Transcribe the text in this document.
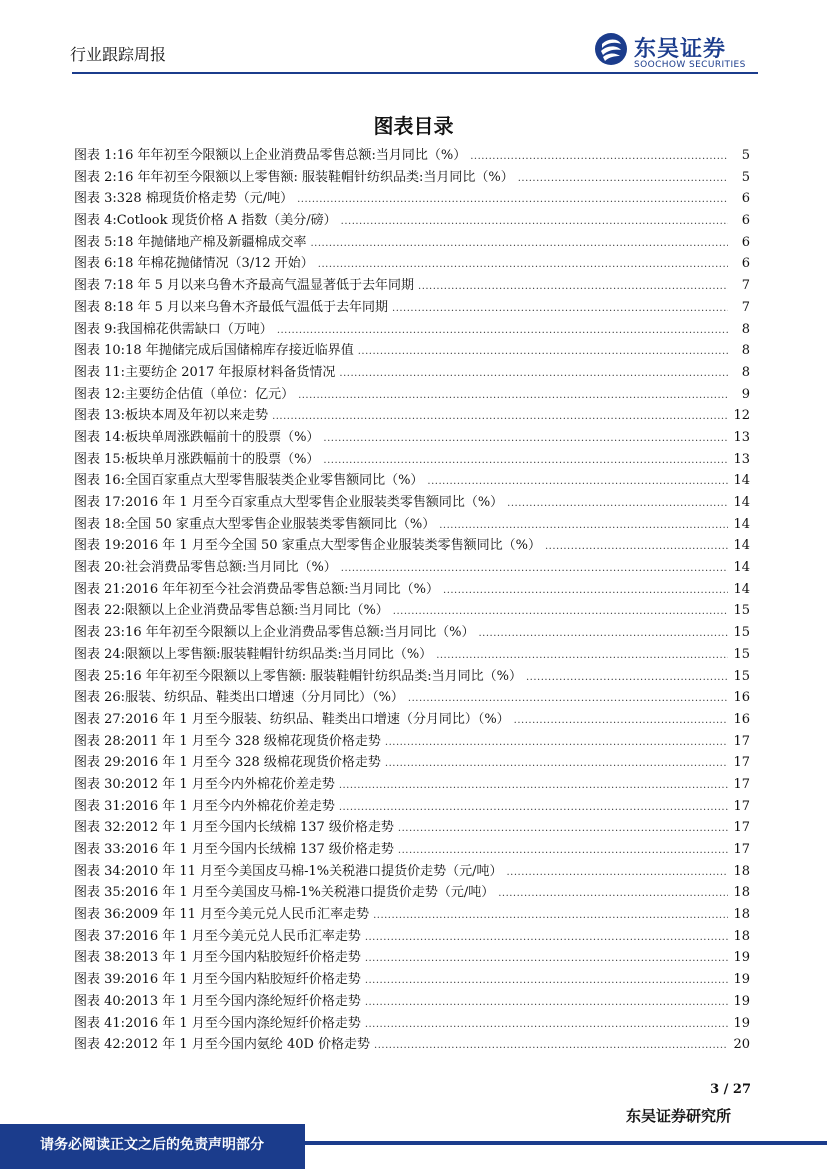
行业跟踪周报	东吴证券
SOOCHOW SECURITIES
图表目录
图表 1: 16 年年初至今限额以上企业消费品零售总额:当月同比（%） .....	5
图表 2: 16 年年初至今限额以上零售额: 服装鞋帽针纺织品类:当月同比（%） .....	5
图表 3: 328 棉现货价格走势（元/吨） .....	6
图表 4: Cotlook 现货价格 A 指数（美分/磅） .....	6
图表 5: 18 年抛储地产棉及新疆棉成交率 .....	6
图表 6: 18 年棉花抛储情况（3/12 开始） .....	6
图表 7: 18 年 5 月以来乌鲁木齐最高气温显著低于去年同期 .....	7
图表 8: 18 年 5 月以来乌鲁木齐最低气温低于去年同期 .....	7
图表 9: 我国棉花供需缺口（万吨） .....	8
图表 10: 18 年抛储完成后国储棉库存接近临界值 .....	8
图表 11: 主要纺企 2017 年报原材料备货情况 .....	8
图表 12: 主要纺企估值（单位：亿元） .....	9
图表 13: 板块本周及年初以来走势 .....	12
图表 14: 板块单周涨跌幅前十的股票（%） .....	13
图表 15: 板块单月涨跌幅前十的股票（%） .....	13
图表 16: 全国百家重点大型零售服装类企业零售额同比（%） .....	14
图表 17: 2016 年 1 月至今百家重点大型零售企业服装类零售额同比（%） .....	14
图表 18: 全国 50 家重点大型零售企业服装类零售额同比（%） .....	14
图表 19: 2016 年 1 月至今全国 50 家重点大型零售企业服装类零售额同比（%） .....	14
图表 20: 社会消费品零售总额:当月同比（%） .....	14
图表 21: 2016 年年初至今社会消费品零售总额:当月同比（%） .....	14
图表 22: 限额以上企业消费品零售总额:当月同比（%） .....	15
图表 23: 16 年年初至今限额以上企业消费品零售总额:当月同比（%） .....	15
图表 24: 限额以上零售额:服装鞋帽针纺织品类:当月同比（%） .....	15
图表 25: 16 年年初至今限额以上零售额: 服装鞋帽针纺织品类:当月同比（%） .....	15
图表 26: 服装、纺织品、鞋类出口增速（分月同比）（%） .....	16
图表 27: 2016 年 1 月至今服装、纺织品、鞋类出口增速（分月同比）（%） .....	16
图表 28: 2011 年 1 月至今 328 级棉花现货价格走势 .....	17
图表 29: 2016 年 1 月至今 328 级棉花现货价格走势 .....	17
图表 30: 2012 年 1 月至今内外棉花价差走势 .....	17
图表 31: 2016 年 1 月至今内外棉花价差走势 .....	17
图表 32: 2012 年 1 月至今国内长绒棉 137 级价格走势 .....	17
图表 33: 2016 年 1 月至今国内长绒棉 137 级价格走势 .....	17
图表 34: 2010 年 11 月至今美国皮马棉-1%关税港口提货价走势（元/吨） .....	18
图表 35: 2016 年 1 月至今美国皮马棉-1%关税港口提货价走势（元/吨） .....	18
图表 36: 2009 年 11 月至今美元兑人民币汇率走势 .....	18
图表 37: 2016 年 1 月至今美元兑人民币汇率走势 .....	18
图表 38: 2013 年 1 月至今国内粘胶短纤价格走势 .....	19
图表 39: 2016 年 1 月至今国内粘胶短纤价格走势 .....	19
图表 40: 2013 年 1 月至今国内涤纶短纤价格走势 .....	19
图表 41: 2016 年 1 月至今国内涤纶短纤价格走势 .....	19
图表 42: 2012 年 1 月至今国内氨纶 40D 价格走势 .....	20
3 / 27
东吴证券研究所
请务必阅读正文之后的免责声明部分
